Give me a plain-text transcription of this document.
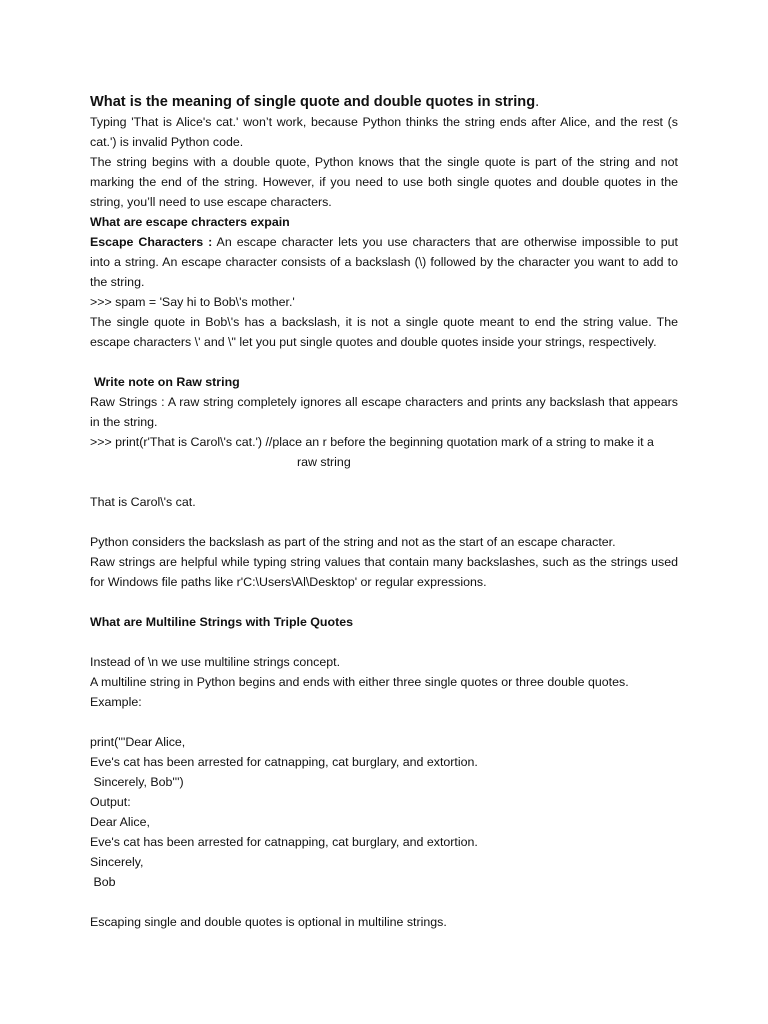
What is the meaning of single quote and double quotes in string.

Typing 'That is Alice's cat.' won’t work, because Python thinks the string ends after Alice, and the rest (s cat.') is invalid Python code.

The string begins with a double quote, Python knows that the single quote is part of the string and not marking the end of the string. However, if you need to use both single quotes and double quotes in the string, you’ll need to use escape characters.

What are escape chracters expain

Escape Characters : An escape character lets you use characters that are otherwise impossible to put into a string. An escape character consists of a backslash (\) followed by the character you want to add to the string.

>>> spam = 'Say hi to Bob\'s mother.'

The single quote in Bob\'s has a backslash, it is not a single quote meant to end the string value. The escape characters \' and \" let you put single quotes and double quotes inside your strings, respectively.

Write note on Raw string

Raw Strings : A raw string completely ignores all escape characters and prints any backslash that appears in the string.

>>> print(r'That is Carol\'s cat.') //place an r before the beginning quotation mark of a string to make it a

raw string

That is Carol\'s cat.

Python considers the backslash as part of the string and not as the start of an escape character.

Raw strings are helpful while typing string values that contain many backslashes, such as the strings used for Windows file paths like r'C:\Users\Al\Desktop' or regular expressions.

What are Multiline Strings with Triple Quotes

Instead of \n we use multiline strings concept.

A multiline string in Python begins and ends with either three single quotes or three double quotes.

Example:

print('''Dear Alice,

Eve's cat has been arrested for catnapping, cat burglary, and extortion.

Sincerely, Bob''')

Output:

Dear Alice,

Eve's cat has been arrested for catnapping, cat burglary, and extortion.

Sincerely,

Bob

Escaping single and double quotes is optional in multiline strings.
